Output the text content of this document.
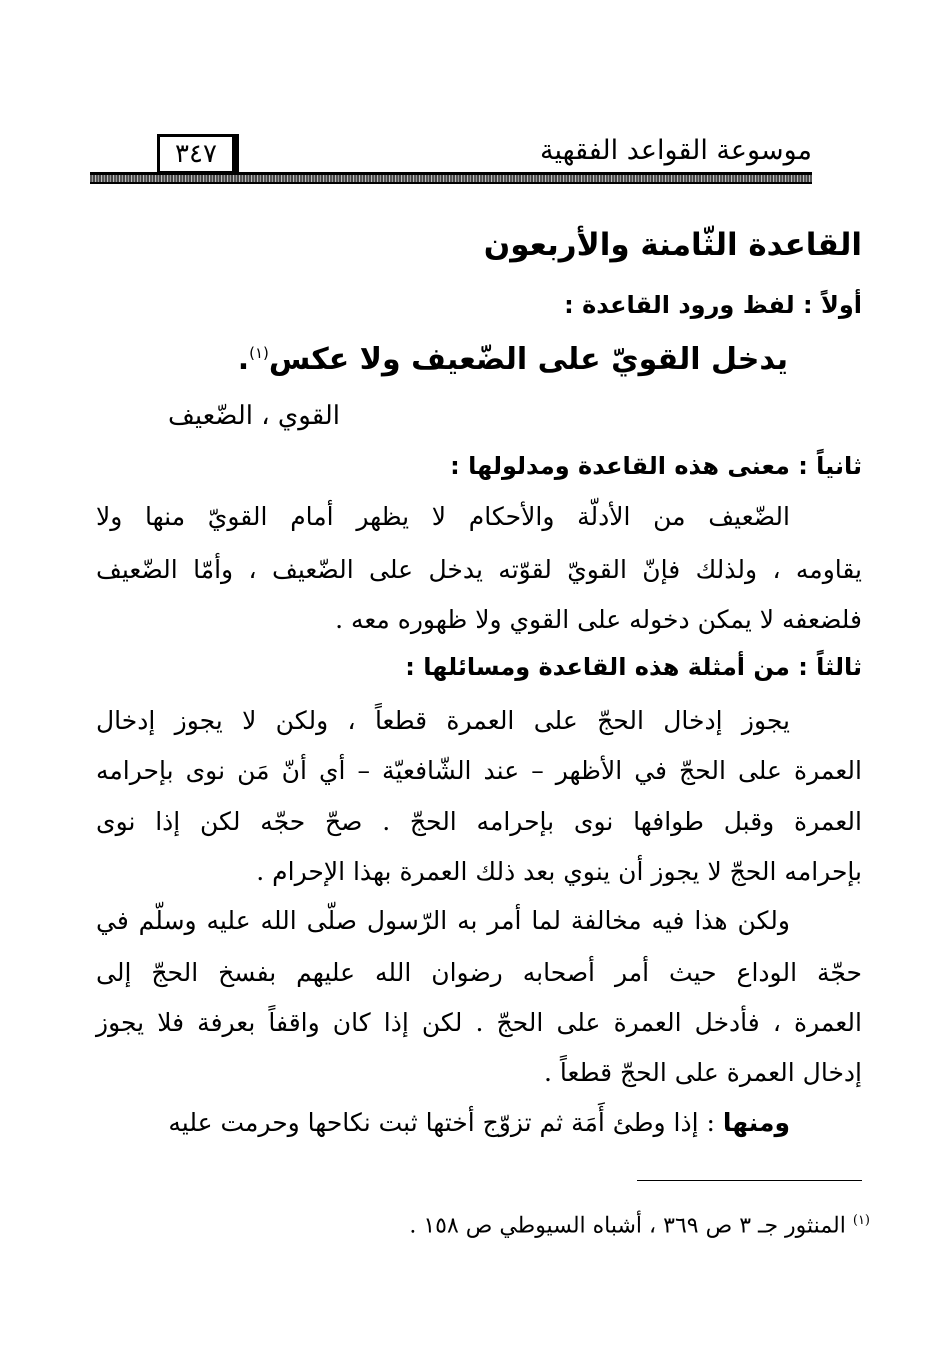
موسوعة القواعد الفقهية
٣٤٧
القاعدة الثّامنة والأربعون
أولاً : لفظ ورود القاعدة :
يدخل القويّ على الضّعيف ولا عكس$^{(١)}$.
القوي ، الضّعيف
ثانياً : معنى هذه القاعدة ومدلولها :
الضّعيف من الأدلّة والأحكام لا يظهر أمام القويّ منها ولا
يقاومه ، ولذلك فإنّ القويّ لقوّته يدخل على الضّعيف ، وأمّا الضّعيف
فلضعفه لا يمكن دخوله على القوي ولا ظهوره معه .
ثالثاً : من أمثلة هذه القاعدة ومسائلها :
يجوز إدخال الحجّ على العمرة قطعاً ، ولكن لا يجوز إدخال
العمرة على الحجّ في الأظهر – عند الشّافعيّة – أي أنّ مَن نوى بإحرامه
العمرة وقبل طوافها نوى بإحرامه الحجّ . صحّ حجّه لكن إذا نوى
بإحرامه الحجّ لا يجوز أن ينوي بعد ذلك العمرة بهذا الإحرام .
ولكن هذا فيه مخالفة لما أمر به الرّسول صلّى الله عليه وسلّم في
حجّة الوداع حيث أمر أصحابه رضوان الله عليهم بفسخ الحجّ إلى
العمرة ، فأدخل العمرة على الحجّ . لكن إذا كان واقفاً بعرفة فلا يجوز
إدخال العمرة على الحجّ قطعاً .
ومنها : إذا وطئ أَمَة ثم تزوّج أختها ثبت نكاحها وحرمت عليه
$^{(١)}$ المنثور جـ ٣ ص ٣٦٩ ، أشباه السيوطي ص ١٥٨ .
